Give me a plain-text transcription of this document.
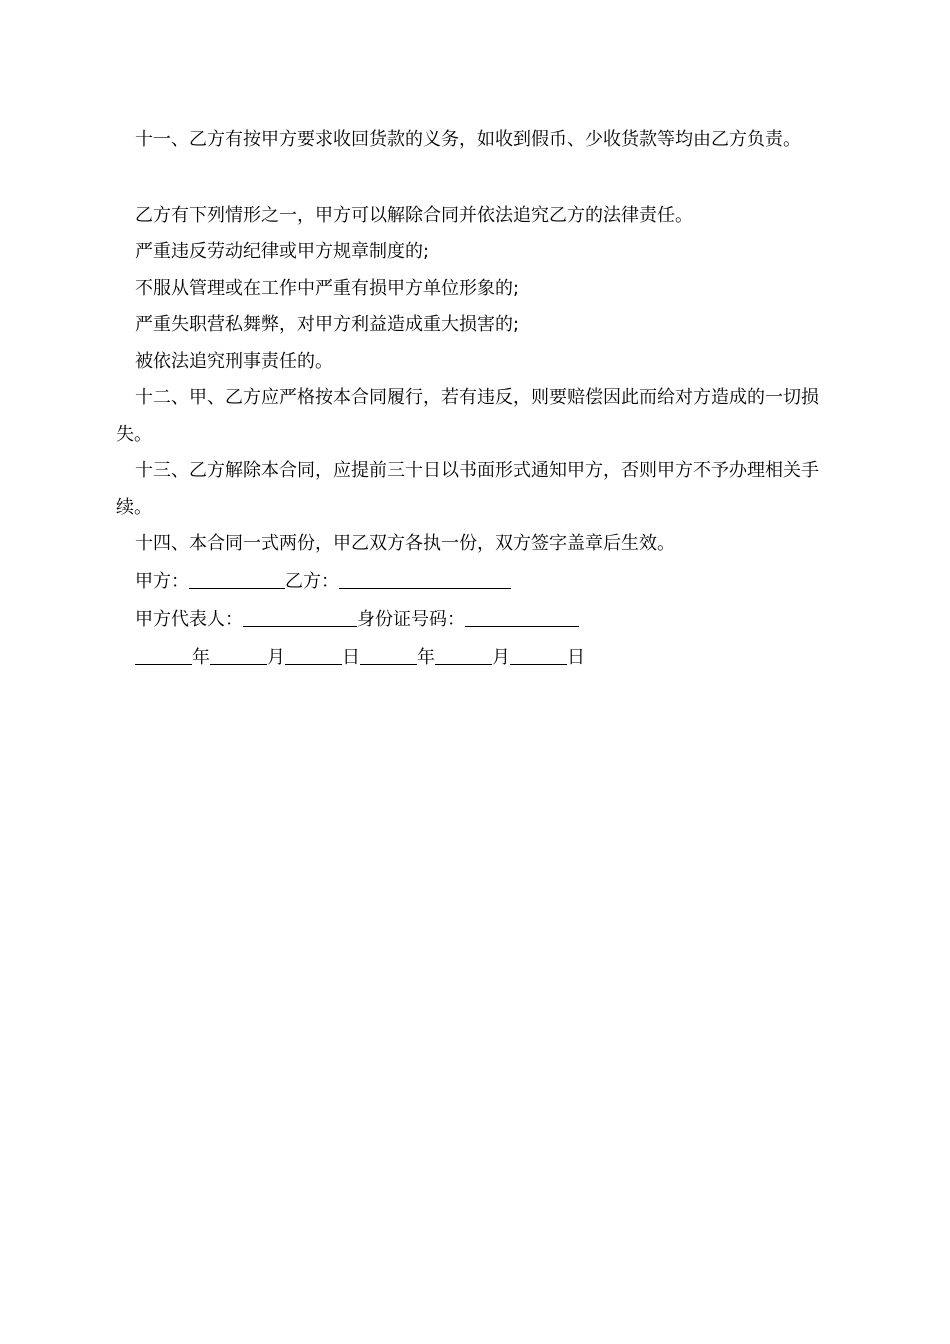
十一、乙方有按甲方要求收回货款的义务，如收到假币、少收货款等均由乙方负责。

乙方有下列情形之一，甲方可以解除合同并依法追究乙方的法律责任。

严重违反劳动纪律或甲方规章制度的;

不服从管理或在工作中严重有损甲方单位形象的;

严重失职营私舞弊，对甲方利益造成重大损害的;

被依法追究刑事责任的。

十二、甲、乙方应严格按本合同履行，若有违反，则要赔偿因此而给对方造成的一切损失。

十三、乙方解除本合同，应提前三十日以书面形式通知甲方，否则甲方不予办理相关手续。

十四、本合同一式两份，甲乙双方各执一份，双方签字盖章后生效。

甲方：	乙方：

甲方代表人：	身份证号码：

年	月	日	年	月	日
